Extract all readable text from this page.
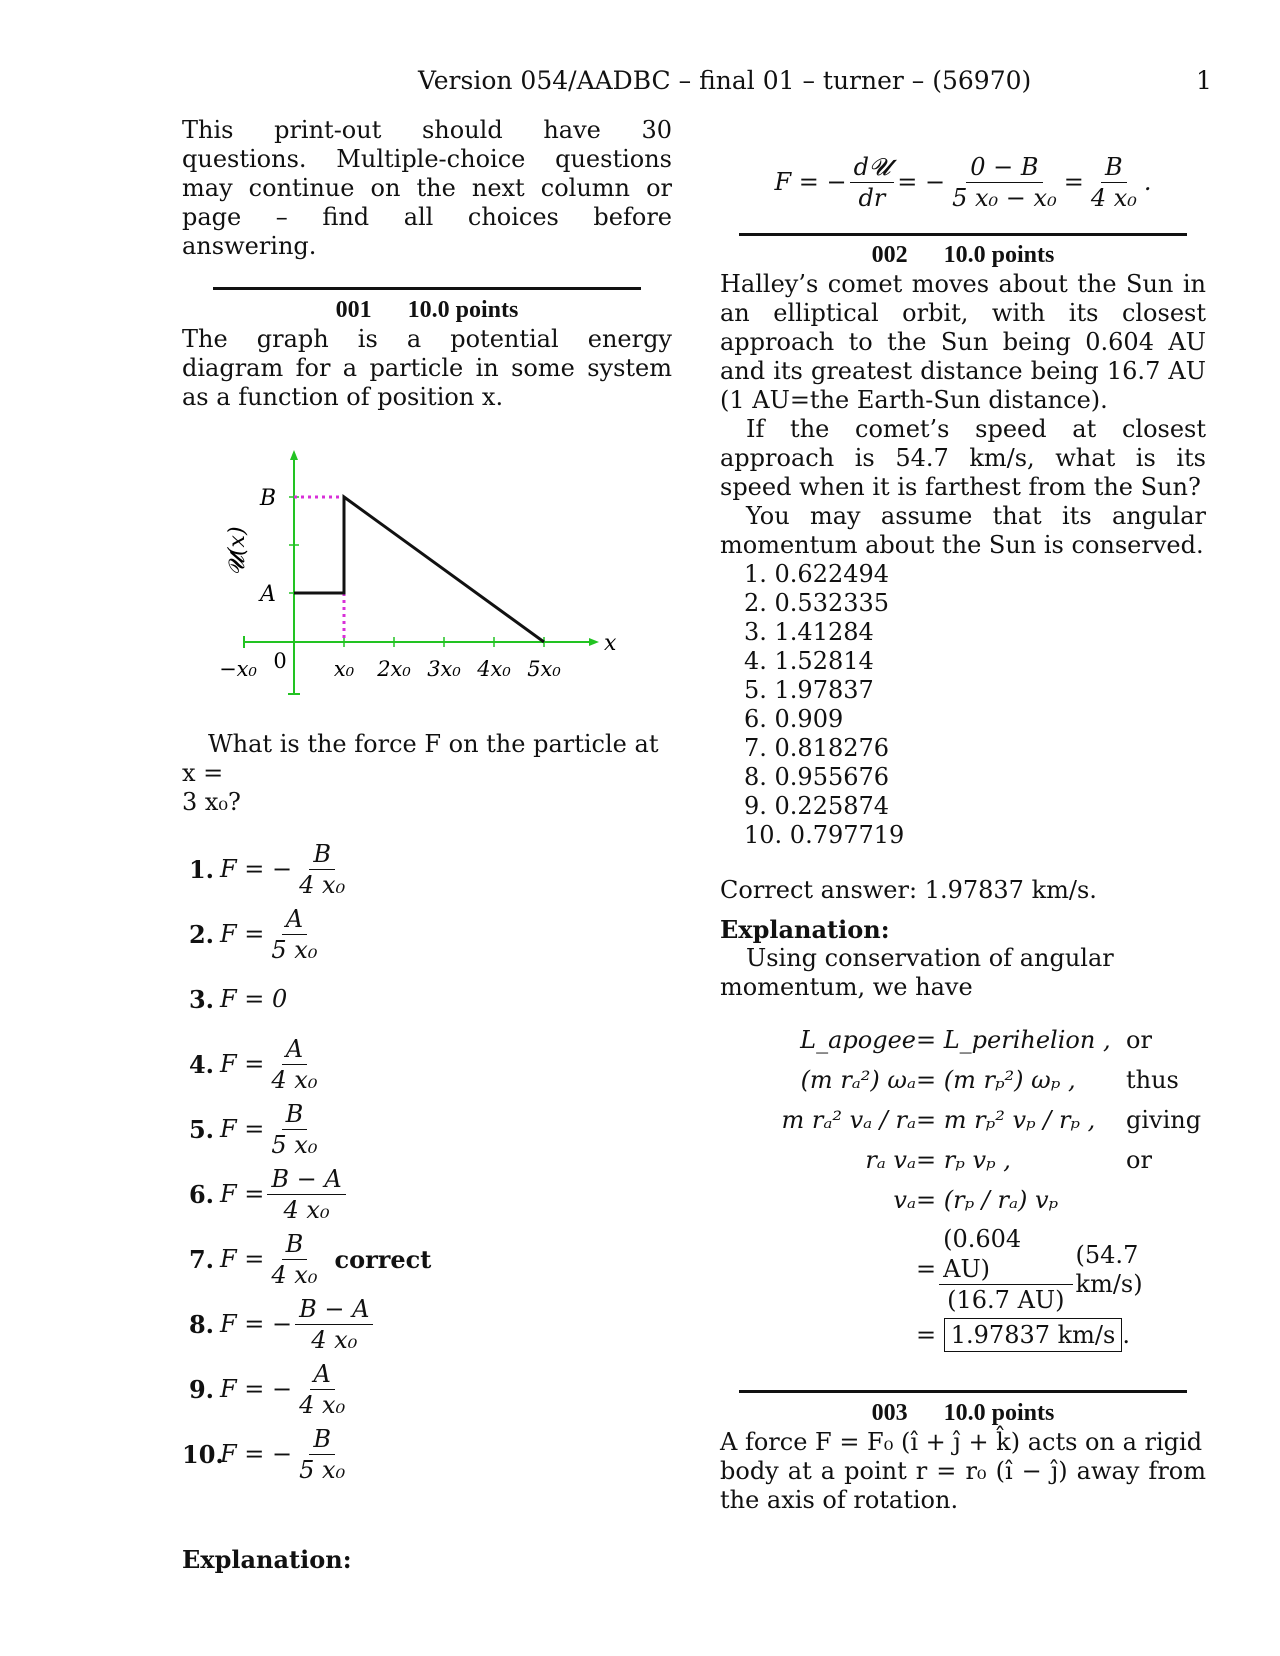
Version 054/AADBC – final 01 – turner – (56970)	1

This print-out should have 30 questions. Multiple-choice questions may continue on the next column or page – find all choices before answering.

001 10.0 points

The graph is a potential energy diagram for a particle in some system as a function of position x.

B
A
𝓤(x)
x
−x₀ 0 x₀ 2x₀ 3x₀ 4x₀ 5x₀

What is the force F on the particle at x =

3 x₀?

1. F = − $\frac{B}{\text{4 x₀}}$
2. $F = \frac{A}{\text{5 x₀}}$
3. F = 0
4. $F = \frac{A}{\text{4 x₀}}$
5. $F = \frac{B}{\text{5 x₀}}$
6. $F = \frac{B - A}{\text{4 x₀}}$
7. $F = \frac{B}{\text{4 x₀}}$ correct
8. F = − $\frac{B - A}{\text{4 x₀}}$
9. F = − $\frac{A}{\text{4 x₀}}$
10.
F = − $\frac{B}{\text{5 x₀}}$

Explanation:

F = − $\frac{\text{d𝓤}}{dr}$ = − $\frac{0 - B}{\text{5 x₀ − x₀}} = \frac{B}{\text{4 x₀}}$ .
002 10.0 points

Halley’s comet moves about the Sun in an elliptical orbit, with its closest approach to the Sun being 0.604 AU and its greatest distance being 16.7 AU (1 AU=the Earth-Sun distance).

If the comet’s speed at closest approach is 54.7 km/s, what is its speed when it is farthest from the Sun?

You may assume that its angular momentum about the Sun is conserved.

1. 0.622494
2. 0.532335
3. 1.41284
4. 1.52814
5. 1.97837
6. 0.909
7. 0.818276
8. 0.955676
9. 0.225874
10. 0.797719

Correct answer: 1.97837 km/s.

Explanation:

Using conservation of angular momentum, we have

L_apogee = L_perihelion , or
(m rₐ²) ωₐ = (m rₚ²) ωₚ ,	thus
m rₐ² vₐ / rₐ = m rₚ² vₚ / rₚ ,	giving
rₐ vₐ = rₚ vₚ ,	or
vₐ = (rₚ / rₐ) vₚ
= $\frac{(0.604 AU)}{(16.7 AU)} (54.7$ km/s)
= 1.97837 km/s .
003 10.0 points

A force F = F₀ (î + ĵ + k̂) acts on a rigid

body at a point r = r₀ (î − ĵ) away from the axis of rotation.
